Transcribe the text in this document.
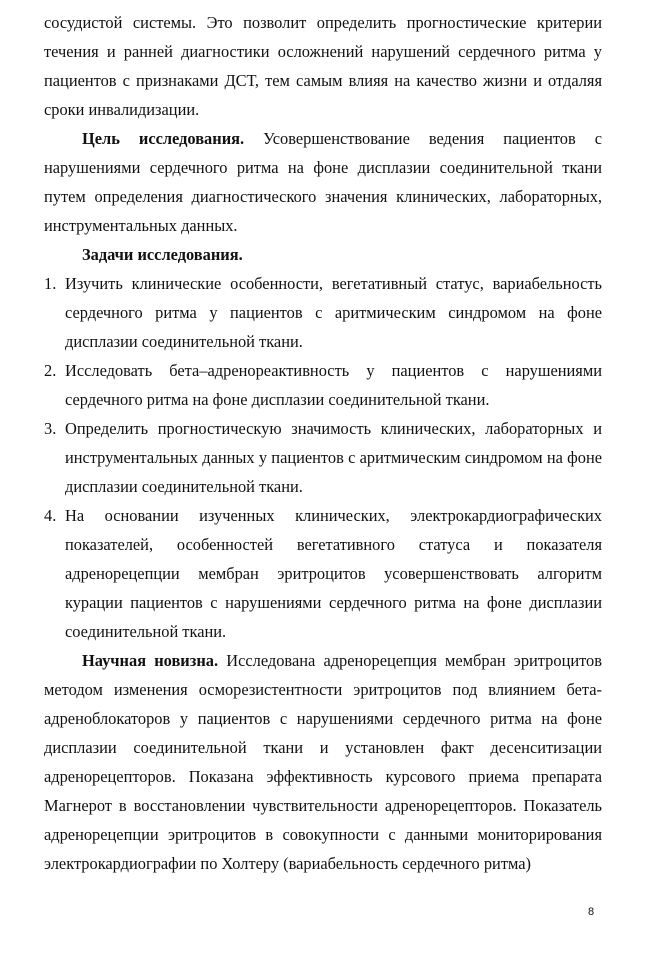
сосудистой системы. Это позволит определить прогностические критерии течения и ранней диагностики осложнений нарушений сердечного ритма у пациентов с признаками ДСТ, тем самым влияя на качество жизни и отдаляя сроки инвалидизации.

Цель исследования. Усовершенствование ведения пациентов с нарушениями сердечного ритма на фоне дисплазии соединительной ткани путем определения диагностического значения клинических, лабораторных, инструментальных данных.

Задачи исследования.

1. Изучить клинические особенности, вегетативный статус, вариабельность сердечного ритма у пациентов с аритмическим синдромом на фоне дисплазии соединительной ткани.
2. Исследовать бета–адренореактивность у пациентов с нарушениями сердечного ритма на фоне дисплазии соединительной ткани.
3. Определить прогностическую значимость клинических, лабораторных и инструментальных данных у пациентов с аритмическим синдромом на фоне дисплазии соединительной ткани.
4. На основании изученных клинических, электрокардиографических показателей, особенностей вегетативного статуса и показателя адренорецепции мембран эритроцитов усовершенствовать алгоритм курации пациентов с нарушениями сердечного ритма на фоне дисплазии соединительной ткани.

Научная новизна. Исследована адренорецепция мембран эритроцитов методом изменения осморезистентности эритроцитов под влиянием бета-адреноблокаторов у пациентов с нарушениями сердечного ритма на фоне дисплазии соединительной ткани и установлен факт десенситизации адренорецепторов. Показана эффективность курсового приема препарата Магнерот в восстановлении чувствительности адренорецепторов. Показатель адренорецепции эритроцитов в совокупности с данными мониторирования электрокардиографии по Холтеру (вариабельность сердечного ритма)

8
